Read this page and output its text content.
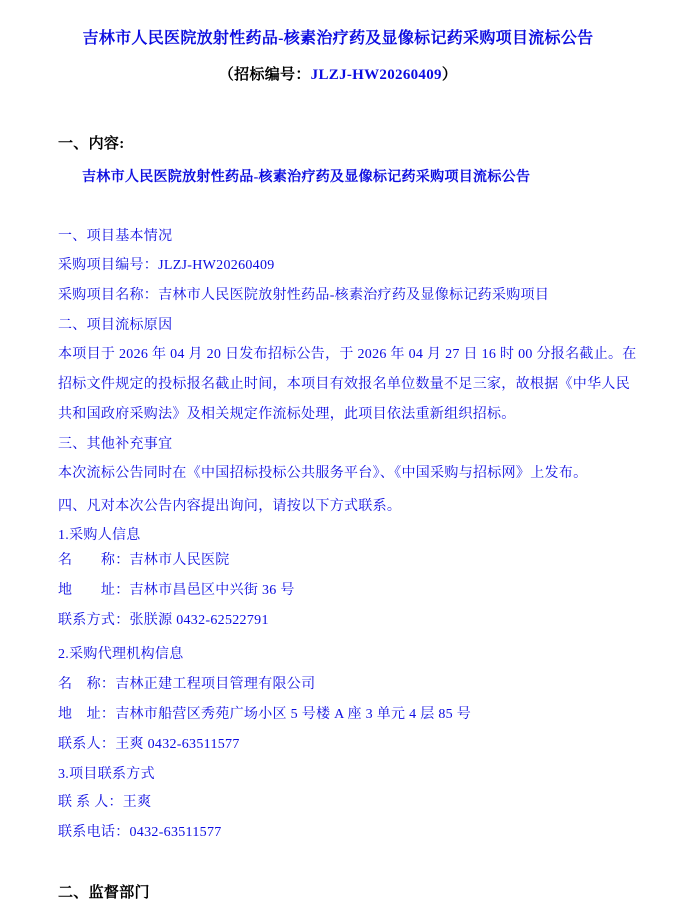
吉林市人民医院放射性药品-核素治疗药及显像标记药采购项目流标公告
（招标编号：JLZJ-HW20260409）
一、内容:
吉林市人民医院放射性药品-核素治疗药及显像标记药采购项目流标公告
一、项目基本情况
采购项目编号：JLZJ-HW20260409
采购项目名称：吉林市人民医院放射性药品-核素治疗药及显像标记药采购项目
二、项目流标原因
本项目于 2026 年 04 月 20 日发布招标公告，于 2026 年 04 月 27 日 16 时 00 分报名截止。在
招标文件规定的投标报名截止时间，本项目有效报名单位数量不足三家，故根据《中华人民
共和国政府采购法》及相关规定作流标处理，此项目依法重新组织招标。
三、其他补充事宜
本次流标公告同时在《中国招标投标公共服务平台》、《中国采购与招标网》上发布。
四、凡对本次公告内容提出询问，请按以下方式联系。
1.采购人信息
名　　称：吉林市人民医院
地　　址：吉林市昌邑区中兴街 36 号
联系方式：张朕源 0432-62522791
2.采购代理机构信息
名　称：吉林正建工程项目管理有限公司
地　址：吉林市船营区秀苑广场小区 5 号楼 A 座 3 单元 4 层 85 号
联系人：王爽 0432-63511577
3.项目联系方式
联 系 人：王爽
联系电话：0432-63511577
二、监督部门
